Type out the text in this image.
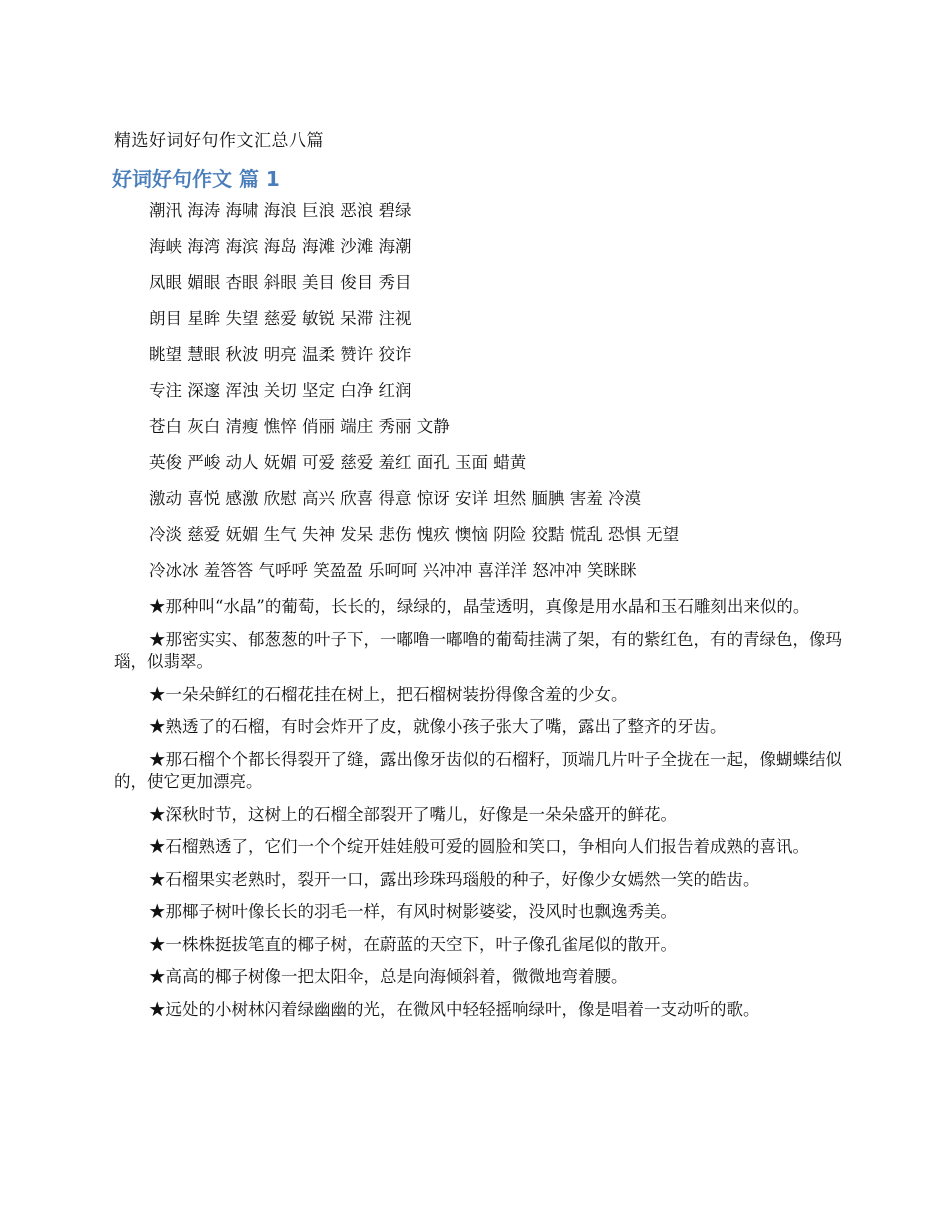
精选好词好句作文汇总八篇
好词好句作文 篇 1

潮汛 海涛 海啸 海浪 巨浪 恶浪 碧绿

海峡 海湾 海滨 海岛 海滩 沙滩 海潮

凤眼 媚眼 杏眼 斜眼 美目 俊目 秀目

朗目 星眸 失望 慈爱 敏锐 呆滞 注视

眺望 慧眼 秋波 明亮 温柔 赞许 狡诈

专注 深邃 浑浊 关切 坚定 白净 红润

苍白 灰白 清瘦 憔悴 俏丽 端庄 秀丽 文静

英俊 严峻 动人 妩媚 可爱 慈爱 羞红 面孔 玉面 蜡黄

激动 喜悦 感激 欣慰 高兴 欣喜 得意 惊讶 安详 坦然 腼腆 害羞 冷漠

冷淡 慈爱 妩媚 生气 失神 发呆 悲伤 愧疚 懊恼 阴险 狡黠 慌乱 恐惧 无望

冷冰冰 羞答答 气呼呼 笑盈盈 乐呵呵 兴冲冲 喜洋洋 怒冲冲 笑眯眯

★那种叫“水晶”的葡萄，长长的，绿绿的，晶莹透明，真像是用水晶和玉石雕刻出来似的。

★那密实实、郁葱葱的叶子下，一嘟噜一嘟噜的葡萄挂满了架，有的紫红色，有的青绿色，像玛瑙，似翡翠。

★一朵朵鲜红的石榴花挂在树上，把石榴树装扮得像含羞的少女。

★熟透了的石榴，有时会炸开了皮，就像小孩子张大了嘴，露出了整齐的牙齿。

★那石榴个个都长得裂开了缝，露出像牙齿似的石榴籽，顶端几片叶子全拢在一起，像蝴蝶结似的，使它更加漂亮。

★深秋时节，这树上的石榴全部裂开了嘴儿，好像是一朵朵盛开的鲜花。

★石榴熟透了，它们一个个绽开娃娃般可爱的圆脸和笑口，争相向人们报告着成熟的喜讯。

★石榴果实老熟时，裂开一口，露出珍珠玛瑙般的种子，好像少女嫣然一笑的皓齿。

★那椰子树叶像长长的羽毛一样，有风时树影婆娑，没风时也飘逸秀美。

★一株株挺拔笔直的椰子树，在蔚蓝的天空下，叶子像孔雀尾似的散开。

★高高的椰子树像一把太阳伞，总是向海倾斜着，微微地弯着腰。

★远处的小树林闪着绿幽幽的光，在微风中轻轻摇响绿叶，像是唱着一支动听的歌。
